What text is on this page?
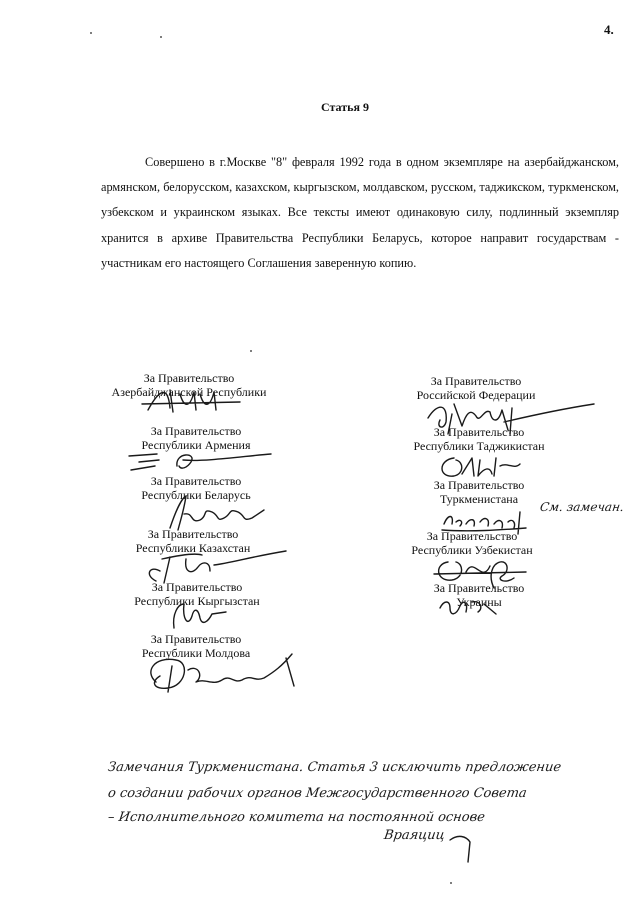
4.
Статья 9

Совершено в г.Москве "8" февраля 1992 года в одном экземпляре на азербайджанском, армянском, белорусском, казахском, кыргызском, молдавском, русском, таджикском, туркменском, узбекском и украинском языках. Все тексты имеют одинаковую силу, подлинный экземпляр хранится в архиве Правительства Республики Беларусь, которое направит государствам - участникам его настоящего Соглашения заверенную копию.

За Правительство
Азербайджанской Республики
За Правительство
Республики Армения
За Правительство
Республики Беларусь
За Правительство
Республики Казахстан
За Правительство
Республики Кыргызстан
За Правительство
Республики Молдова
За Правительство
Российской Федерации
За Правительство
Республики Таджикистан
За Правительство
Туркменистана
За Правительство
Республики Узбекистан
За Правительство
Украины
См. замечан.
Замечания Туркменистана. Статья 3 исключить предложение
о создании рабочих органов Межгосударственного Совета
– Исполнительного комитета на постоянной основе
Враяциц
